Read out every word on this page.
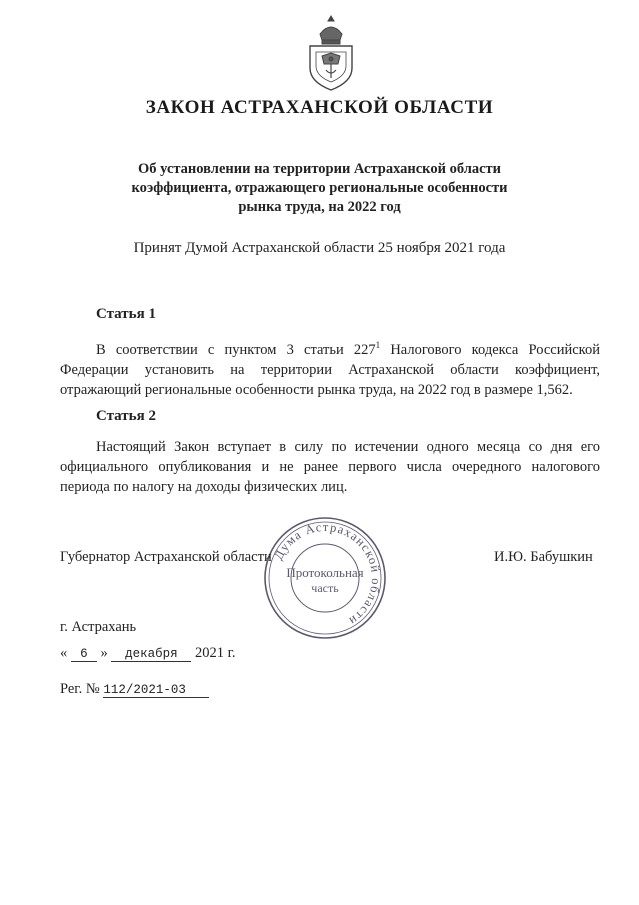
ЗАКОН АСТРАХАНСКОЙ ОБЛАСТИ
Об установлении на территории Астраханской области
коэффициента, отражающего региональные особенности
рынка труда, на 2022 год
Принят Думой Астраханской области 25 ноября 2021 года
Статья 1
В соответствии с пунктом 3 статьи $227^1$ Налогового кодекса Российской Федерации установить на территории Астраханской области коэффициент, отражающий региональные особенности рынка труда, на 2022 год в размере 1,562.
Статья 2
Настоящий Закон вступает в силу по истечении одного месяца со дня его официального опубликования и не ранее первого числа очередного налогового периода по налогу на доходы физических лиц.
Дума Астраханской области
Протокольная
часть
Губернатор Астраханской области	И.Ю. Бабушкин
г. Астрахань
« 6 » декабря 2021 г.
Рег. № 112/2021-03
